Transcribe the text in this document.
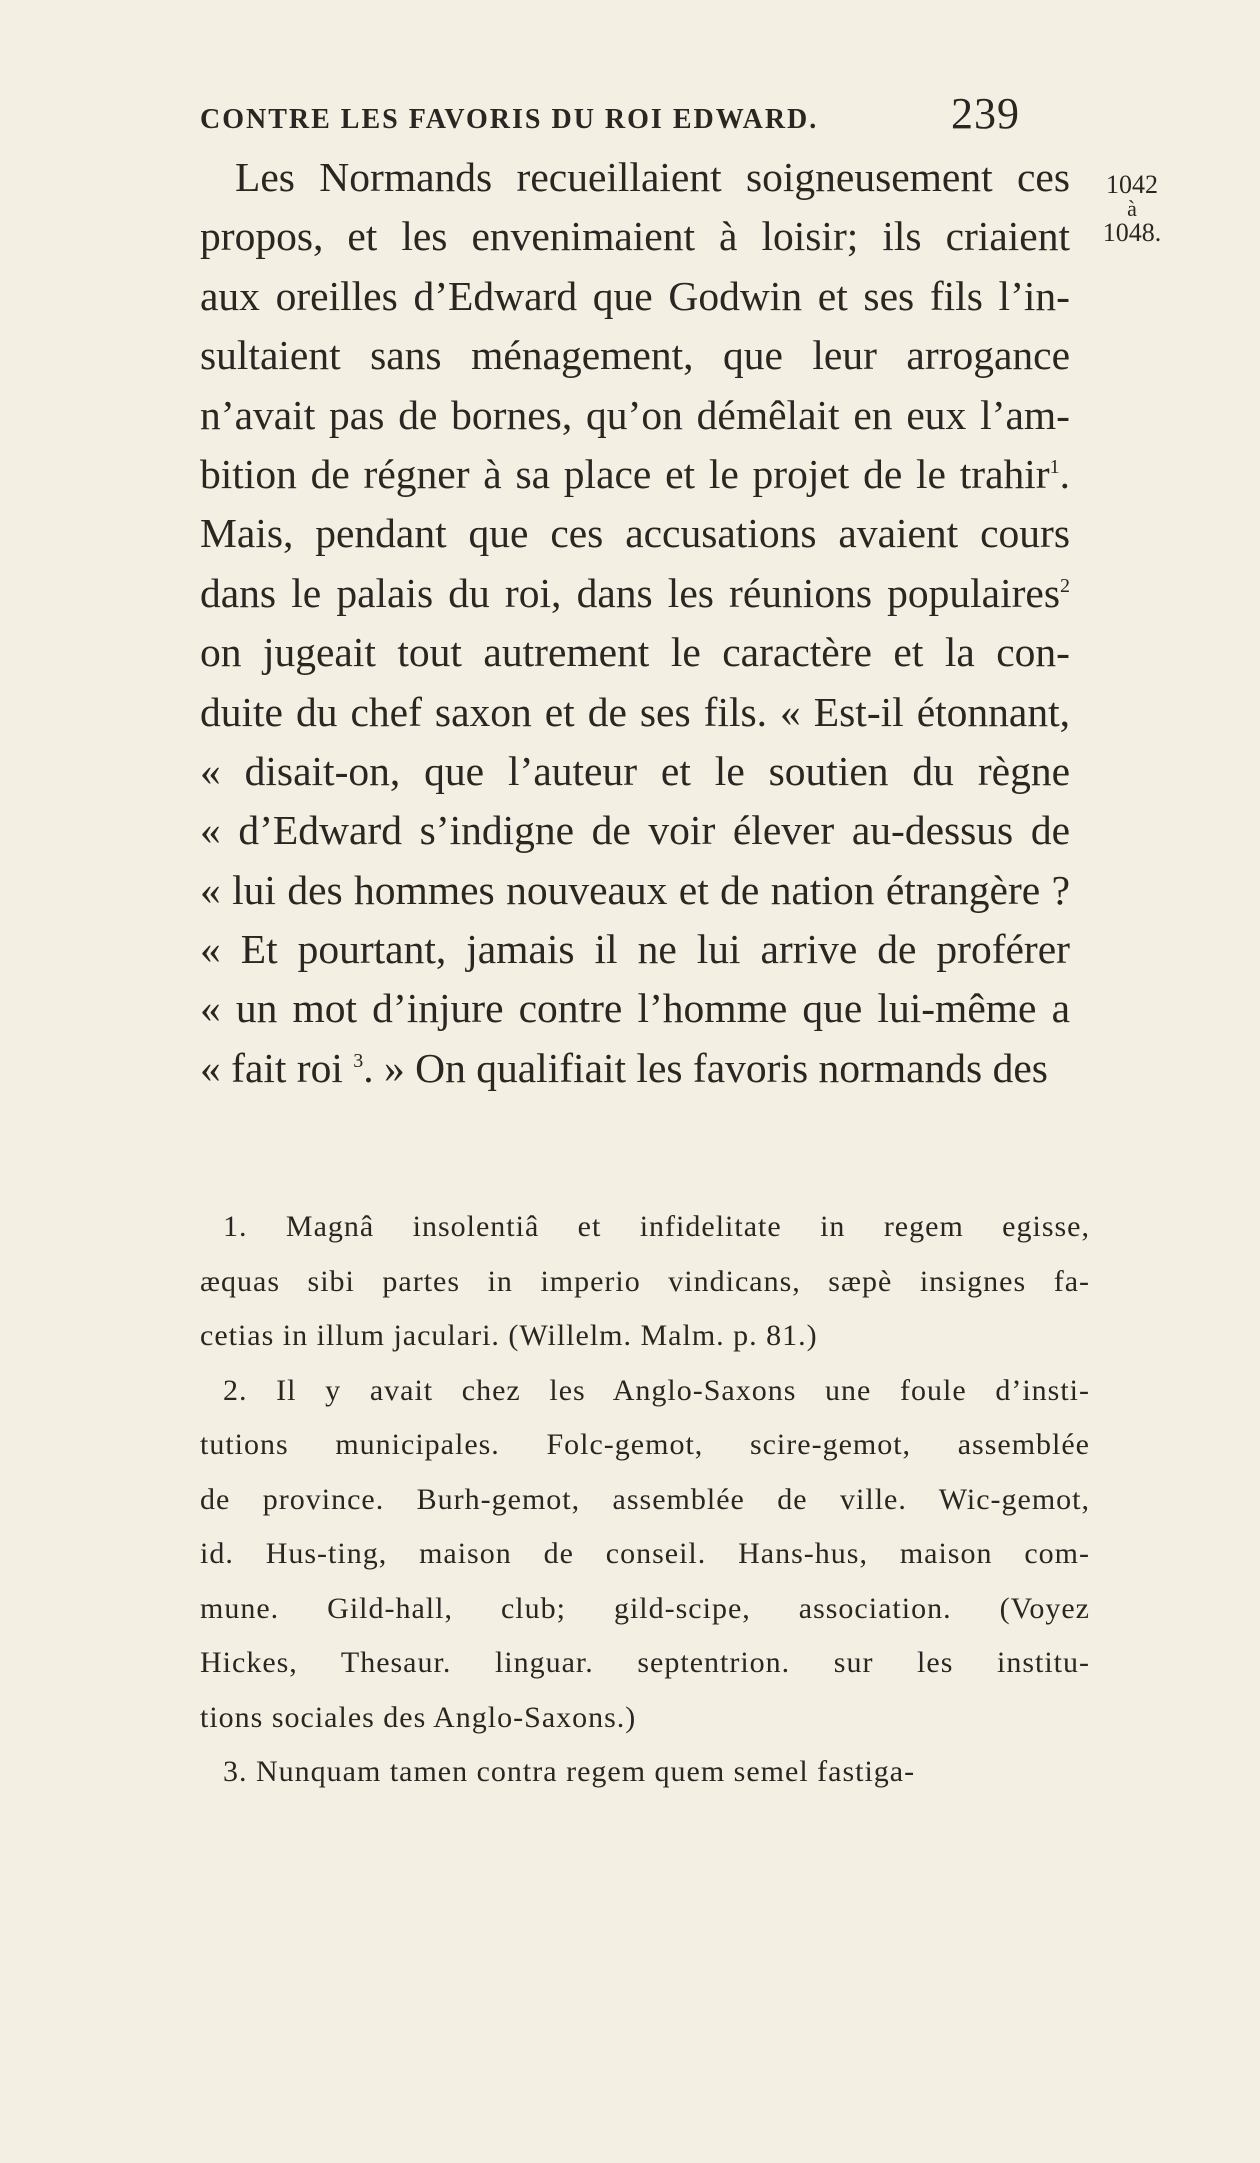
CONTRE LES FAVORIS DU ROI EDWARD.	239
1042
à
1048.
Les Normands recueillaient soigneusement ces
propos, et les envenimaient à loisir; ils criaient
aux oreilles d’Edward que Godwin et ses fils l’in-
sultaient sans ménagement, que leur arrogance
n’avait pas de bornes, qu’on démêlait en eux l’am-
bition de régner à sa place et le projet de le trahir$^1$.
Mais, pendant que ces accusations avaient cours
dans le palais du roi, dans les réunions populaires$^2$
on jugeait tout autrement le caractère et la con-
duite du chef saxon et de ses fils. « Est-il étonnant,
« disait-on, que l’auteur et le soutien du règne
« d’Edward s’indigne de voir élever au-dessus de
« lui des hommes nouveaux et de nation étrangère ?
« Et pourtant, jamais il ne lui arrive de proférer
« un mot d’injure contre l’homme que lui-même a
« fait roi $^3$. » On qualifiait les favoris normands des
1. Magnâ insolentiâ et infidelitate in regem egisse,
æquas sibi partes in imperio vindicans, sæpè insignes fa-
cetias in illum jaculari. (Willelm. Malm. p. 81.)
2. Il y avait chez les Anglo-Saxons une foule d’insti-
tutions municipales. Folc-gemot, scire-gemot, assemblée
de province. Burh-gemot, assemblée de ville. Wic-gemot,
id. Hus-ting, maison de conseil. Hans-hus, maison com-
mune. Gild-hall, club; gild-scipe, association. (Voyez
Hickes, Thesaur. linguar. septentrion. sur les institu-
tions sociales des Anglo-Saxons.)
3. Nunquam tamen contra regem quem semel fastiga-
